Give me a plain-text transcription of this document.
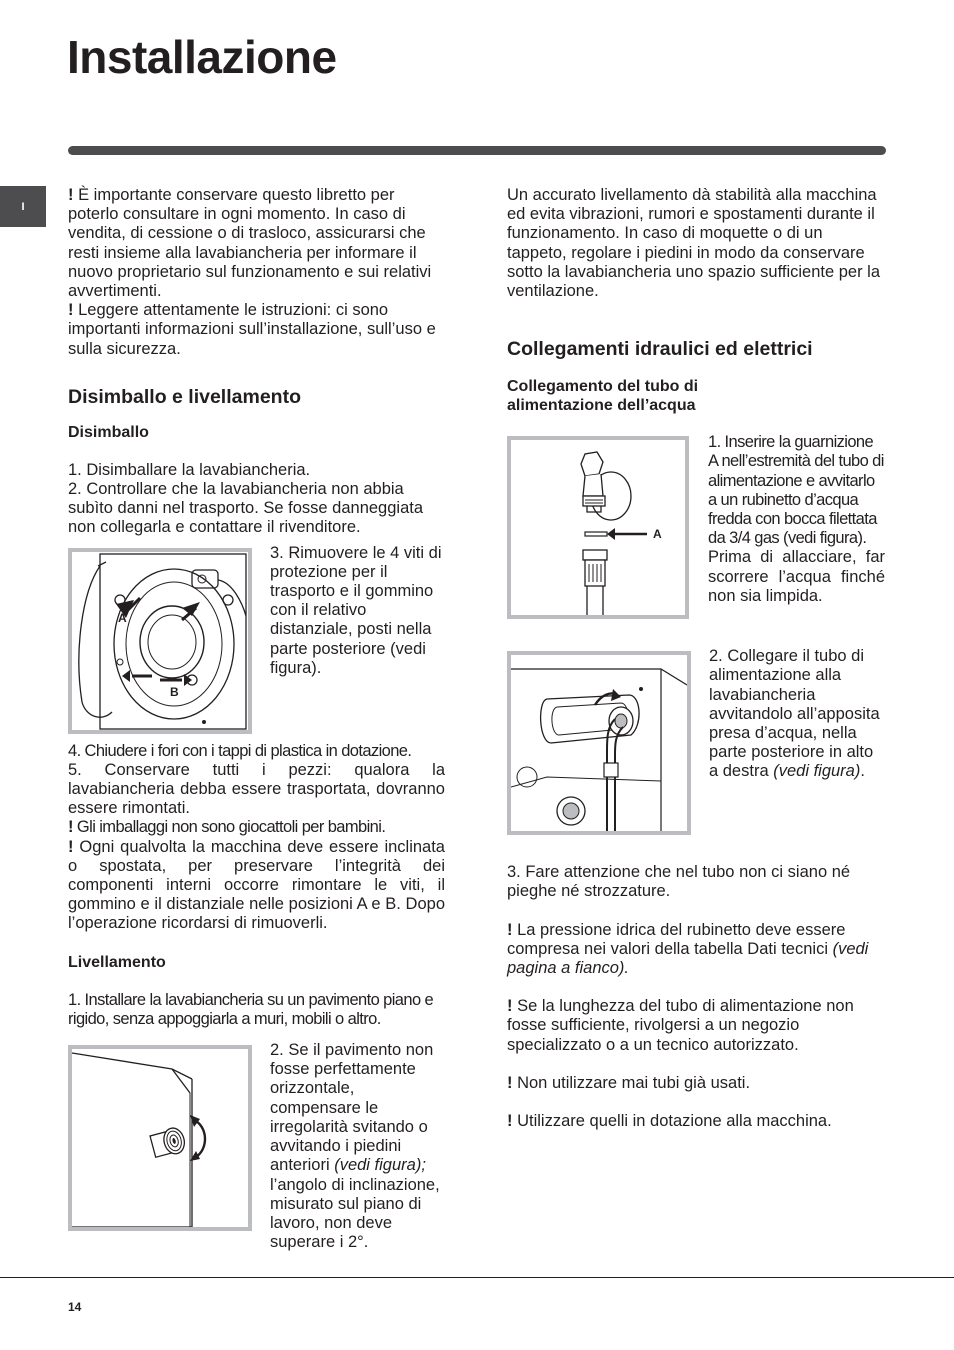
Installazione
I

! È importante conservare questo libretto per poterlo consultare in ogni momento. In caso di vendita, di cessione o di trasloco, assicurarsi che resti insieme alla lavabiancheria per informare il nuovo proprietario sul funzionamento e sui relativi avvertimenti.

! Leggere attentamente le istruzioni: ci sono importanti informazioni sull’installazione, sull’uso e sulla sicurezza.

Disimballo e livellamento
Disimballo

1. Disimballare la lavabiancheria.

2. Controllare che la lavabiancheria non abbia subìto danni nel trasporto. Se fosse danneggiata non collegarla e contattare il rivenditore.

A
B

3. Rimuovere le 4 viti di protezione per il trasporto e il gommino con il relativo distanziale, posti nella parte posteriore (vedi figura).

4. Chiudere i fori con i tappi di plastica in dotazione.

5. Conservare tutti i pezzi: qualora la lavabiancheria debba essere trasportata, dovranno essere rimontati.

! Gli imballaggi non sono giocattoli per bambini.

! Ogni qualvolta la macchina deve essere inclinata o spostata, per preservare l’integrità dei componenti interni occorre rimontare le viti, il gommino e il distanziale nelle posizioni A e B. Dopo l’operazione ricordarsi di rimuoverli.

Livellamento

1. Installare la lavabiancheria su un pavimento piano e rigido, senza appoggiarla a muri, mobili o altro.

2. Se il pavimento non fosse perfettamente orizzontale, compensare le irregolarità svitando o avvitando i piedini anteriori (vedi figura); l’angolo di inclinazione, misurato sul piano di lavoro, non deve superare i 2°.

Un accurato livellamento dà stabilità alla macchina ed evita vibrazioni, rumori e spostamenti durante il funzionamento. In caso di moquette o di un tappeto, regolare i piedini in modo da conservare sotto la lavabiancheria uno spazio sufficiente per la ventilazione.

Collegamenti idraulici ed elettrici
Collegamento del tubo di alimentazione dell’acqua
A

1. Inserire la guarnizione A nell’estremità del tubo di alimentazione e avvitarlo a un rubinetto d’acqua fredda con bocca filettata da 3/4 gas (vedi figura).

Prima di allacciare, far scorrere l’acqua finché non sia limpida.

2. Collegare il tubo di alimentazione alla lavabiancheria avvitandolo all’apposita presa d’acqua, nella parte posteriore in alto a destra (vedi figura).

3. Fare attenzione che nel tubo non ci siano né pieghe né strozzature.

! La pressione idrica del rubinetto deve essere compresa nei valori della tabella Dati tecnici (vedi pagina a fianco).

! Se la lunghezza del tubo di alimentazione non fosse sufficiente, rivolgersi a un negozio specializzato o a un tecnico autorizzato.

! Non utilizzare mai tubi già usati.

! Utilizzare quelli in dotazione alla macchina.

14
